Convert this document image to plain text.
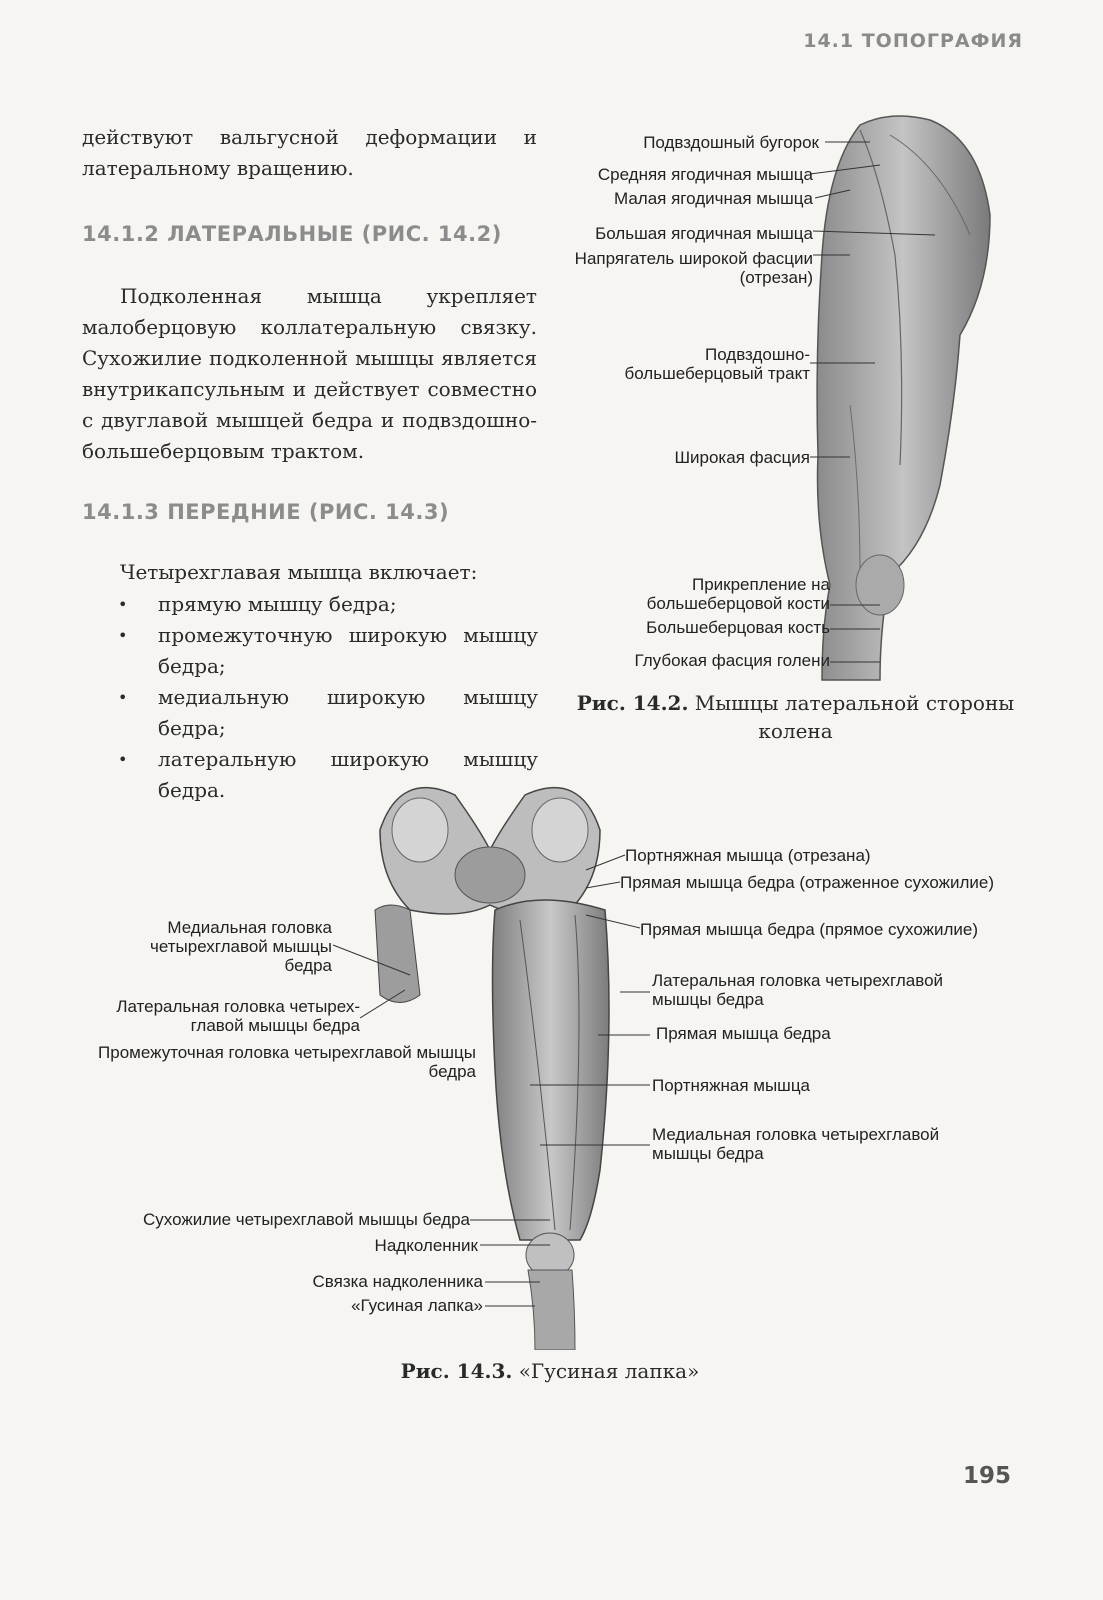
14.1 ТОПОГРАФИЯ

действуют вальгусной деформации и латеральному вращению.

14.1.2 ЛАТЕРАЛЬНЫЕ (РИС. 14.2)
Подколенная мышца укрепляет малоберцовую коллатеральную связку. Сухожилие подколенной мышцы является внутрикапсульным и действует совместно с двуглавой мышцей бедра и подвздошно-большеберцовым трактом.
14.1.3 ПЕРЕДНИЕ (РИС. 14.3)
Четырехглавая мышца включает:
• прямую мышцу бедра;
• промежуточную широкую мышцу бедра;
• медиальную широкую мышцу бедра;
• латеральную широкую мышцу бедра.
Подвздошный бугорок
Средняя ягодичная мышца
Малая ягодичная мышца
Большая ягодичная мышца
Напрягатель широкой фасции
(отрезан)
Подвздошно-
большеберцовый тракт
Широкая фасция
Прикрепление на
большеберцовой кости
Большеберцовая кость
Глубокая фасция голени
Рис. 14.2. Мышцы латеральной стороны колена
Портняжная мышца (отрезана)
Прямая мышца бедра (отраженное сухожилие)
Прямая мышца бедра (прямое сухожилие)
Латеральная головка четырехглавой
мышцы бедра
Прямая мышца бедра
Портняжная мышца
Медиальная головка четырехглавой
мышцы бедра
Медиальная головка
четырехглавой мышцы
бедра
Латеральная головка четырех-
главой мышцы бедра
Промежуточная головка четырехглавой мышцы
бедра
Сухожилие четырехглавой мышцы бедра
Надколенник
Связка надколенника
«Гусиная лапка»
Рис. 14.3. «Гусиная лапка»
195
